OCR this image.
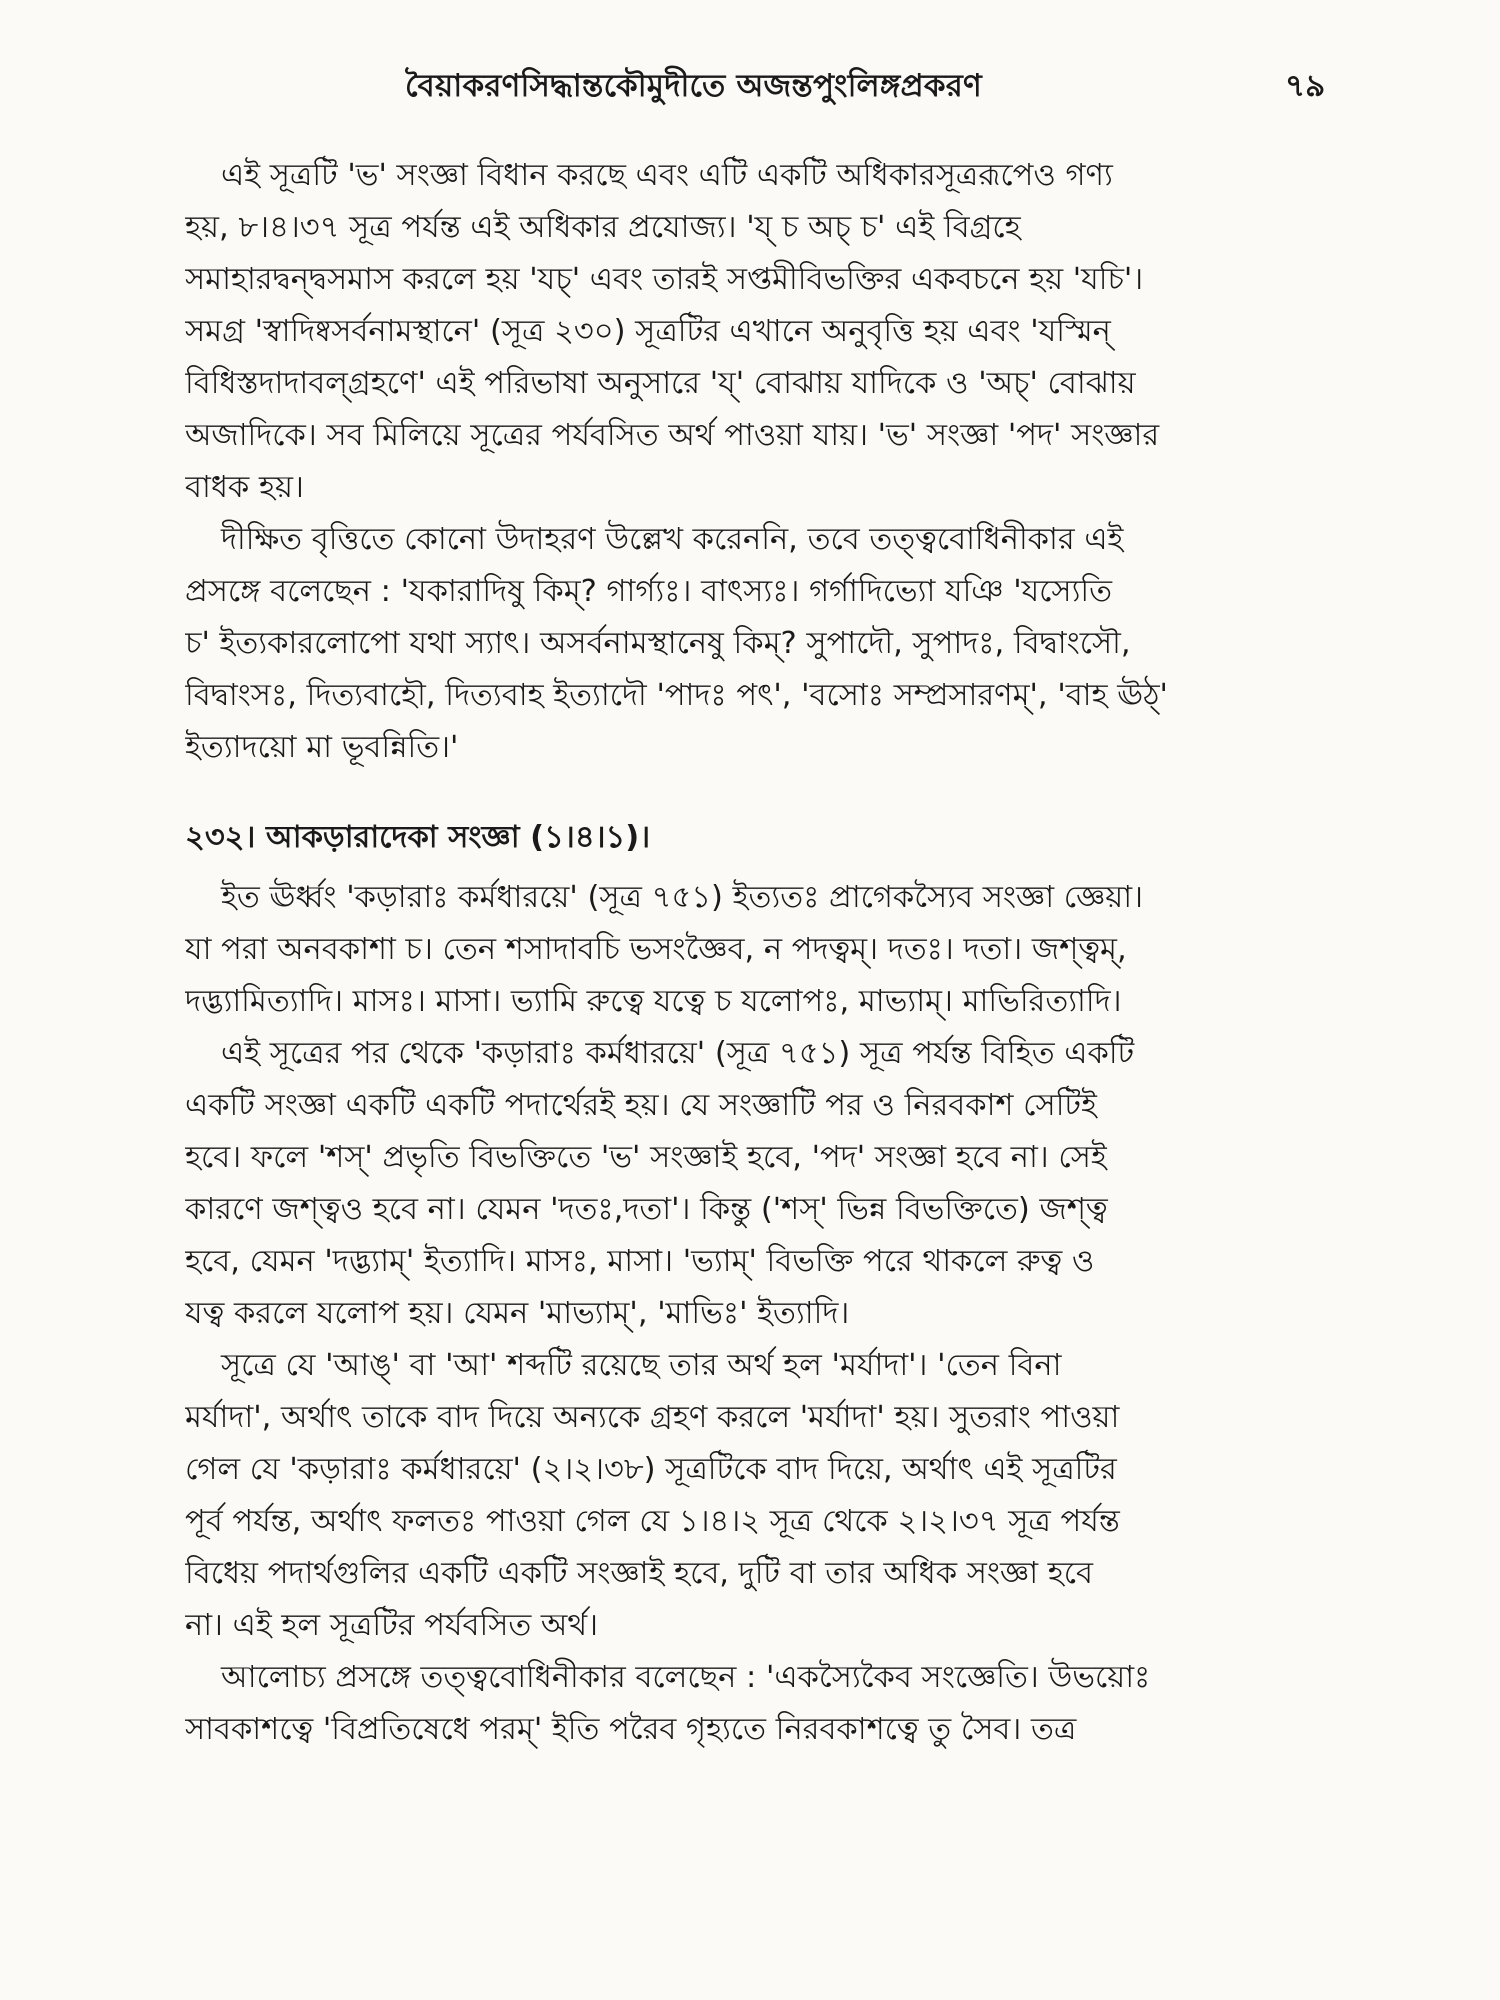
বৈয়াকরণসিদ্ধান্তকৌমুদীতে অজন্তপুংলিঙ্গপ্রকরণ	৭৯
এই সূত্রটি 'ভ' সংজ্ঞা বিধান করছে এবং এটি একটি অধিকারসূত্ররূপেও গণ্য
হয়, ৮।৪।৩৭ সূত্র পর্যন্ত এই অধিকার প্রযোজ্য। 'য্ চ অচ্ চ' এই বিগ্রহে
সমাহারদ্বন্দ্বসমাস করলে হয় 'যচ্' এবং তারই সপ্তমীবিভক্তির একবচনে হয় 'যচি'।
সমগ্র 'স্বাদিষ্বসর্বনামস্থানে' (সূত্র ২৩০) সূত্রটির এখানে অনুবৃত্তি হয় এবং 'যস্মিন্
বিধিস্তদাদাবল্গ্রহণে' এই পরিভাষা অনুসারে 'য্' বোঝায় যাদিকে ও 'অচ্' বোঝায়
অজাদিকে। সব মিলিয়ে সূত্রের পর্যবসিত অর্থ পাওয়া যায়। 'ভ' সংজ্ঞা 'পদ' সংজ্ঞার
বাধক হয়।
দীক্ষিত বৃত্তিতে কোনো উদাহরণ উল্লেখ করেননি, তবে তত্ত্ববোধিনীকার এই
প্রসঙ্গে বলেছেন : 'যকারাদিষু কিম্? গার্গ্যঃ। বাৎস্যঃ। গর্গাদিভ্যো যঞি 'যস্যেতি
চ' ইত্যকারলোপো যথা স্যাৎ। অসর্বনামস্থানেষু কিম্? সুপাদৌ, সুপাদঃ, বিদ্বাংসৌ,
বিদ্বাংসঃ, দিত্যবাহৌ, দিত্যবাহ ইত্যাদৌ 'পাদঃ পৎ', 'বসোঃ সম্প্রসারণম্', 'বাহ ঊঠ্'
ইত্যাদয়ো মা ভূবন্নিতি।'
২৩২। আকড়ারাদেকা সংজ্ঞা (১।৪।১)।
ইত ঊর্ধ্বং 'কড়ারাঃ কর্মধারয়ে' (সূত্র ৭৫১) ইত্যতঃ প্রাগেকস্যৈব সংজ্ঞা জ্ঞেয়া।
যা পরা অনবকাশা চ। তেন শসাদাবচি ভসংজ্ঞৈব, ন পদত্বম্। দতঃ। দতা। জশ্ত্বম্,
দদ্ভ্যামিত্যাদি। মাসঃ। মাসা। ভ্যামি রুত্বে যত্বে চ যলোপঃ, মাভ্যাম্। মাভিরিত্যাদি।
এই সূত্রের পর থেকে 'কড়ারাঃ কর্মধারয়ে' (সূত্র ৭৫১) সূত্র পর্যন্ত বিহিত একটি
একটি সংজ্ঞা একটি একটি পদার্থেরই হয়। যে সংজ্ঞাটি পর ও নিরবকাশ সেটিই
হবে। ফলে 'শস্' প্রভৃতি বিভক্তিতে 'ভ' সংজ্ঞাই হবে, 'পদ' সংজ্ঞা হবে না। সেই
কারণে জশ্ত্বও হবে না। যেমন 'দতঃ,দতা'। কিন্তু ('শস্' ভিন্ন বিভক্তিতে) জশ্ত্ব
হবে, যেমন 'দদ্ভ্যাম্' ইত্যাদি। মাসঃ, মাসা। 'ভ্যাম্' বিভক্তি পরে থাকলে রুত্ব ও
যত্ব করলে যলোপ হয়। যেমন 'মাভ্যাম্', 'মাভিঃ' ইত্যাদি।
সূত্রে যে 'আঙ্' বা 'আ' শব্দটি রয়েছে তার অর্থ হল 'মর্যাদা'। 'তেন বিনা
মর্যাদা', অর্থাৎ তাকে বাদ দিয়ে অন্যকে গ্রহণ করলে 'মর্যাদা' হয়। সুতরাং পাওয়া
গেল যে 'কড়ারাঃ কর্মধারয়ে' (২।২।৩৮) সূত্রটিকে বাদ দিয়ে, অর্থাৎ এই সূত্রটির
পূর্ব পর্যন্ত, অর্থাৎ ফলতঃ পাওয়া গেল যে ১।৪।২ সূত্র থেকে ২।২।৩৭ সূত্র পর্যন্ত
বিধেয় পদার্থগুলির একটি একটি সংজ্ঞাই হবে, দুটি বা তার অধিক সংজ্ঞা হবে
না। এই হল সূত্রটির পর্যবসিত অর্থ।
আলোচ্য প্রসঙ্গে তত্ত্ববোধিনীকার বলেছেন : 'একস্যৈকৈব সংজ্ঞেতি। উভয়োঃ
সাবকাশত্বে 'বিপ্রতিষেধে পরম্' ইতি পরৈব গৃহ্যতে নিরবকাশত্বে তু সৈব। তত্র
